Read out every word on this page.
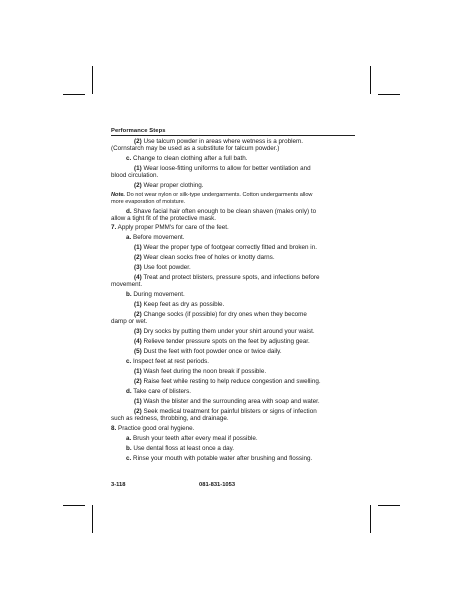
Performance Steps
(2) Use talcum powder in areas where wetness is a problem.
(Cornstarch may be used as a substitute for talcum powder.)
c. Change to clean clothing after a full bath.
(1) Wear loose-fitting uniforms to allow for better ventilation and
blood circulation.
(2) Wear proper clothing.
Note. Do not wear nylon or silk-type undergarments. Cotton undergarments allow
more evaporation of moisture.
d. Shave facial hair often enough to be clean shaven (males only) to
allow a tight fit of the protective mask.
7. Apply proper PMM's for care of the feet.
a. Before movement.
(1) Wear the proper type of footgear correctly fitted and broken in.
(2) Wear clean socks free of holes or knotty darns.
(3) Use foot powder.
(4) Treat and protect blisters, pressure spots, and infections before
movement.
b. During movement.
(1) Keep feet as dry as possible.
(2) Change socks (if possible) for dry ones when they become
damp or wet.
(3) Dry socks by putting them under your shirt around your waist.
(4) Relieve tender pressure spots on the feet by adjusting gear.
(5) Dust the feet with foot powder once or twice daily.
c. Inspect feet at rest periods.
(1) Wash feet during the noon break if possible.
(2) Raise feet while resting to help reduce congestion and swelling.
d. Take care of blisters.
(1) Wash the blister and the surrounding area with soap and water.
(2) Seek medical treatment for painful blisters or signs of infection
such as redness, throbbing, and drainage.
8. Practice good oral hygiene.
a. Brush your teeth after every meal if possible.
b. Use dental floss at least once a day.
c. Rinse your mouth with potable water after brushing and flossing.
3-118	081-831-1053
